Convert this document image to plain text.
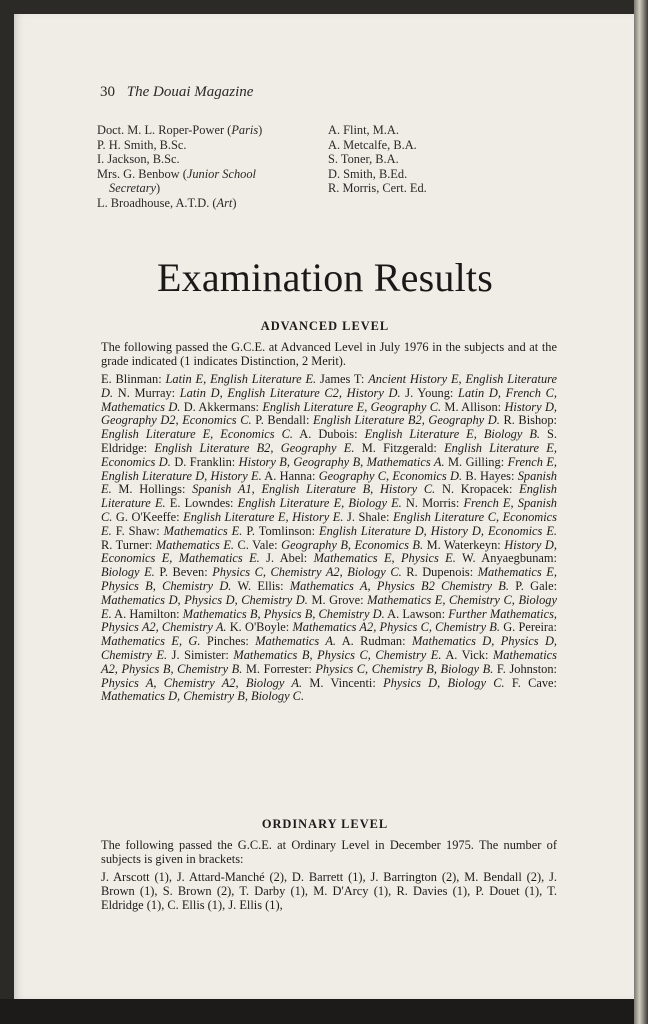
30 The Douai Magazine
Doct. M. L. Roper-Power (Paris)
P. H. Smith, B.Sc.
I. Jackson, B.Sc.
Mrs. G. Benbow (Junior School
Secretary)
L. Broadhouse, A.T.D. (Art)
A. Flint, M.A.
A. Metcalfe, B.A.
S. Toner, B.A.
D. Smith, B.Ed.
R. Morris, Cert. Ed.
Examination Results
ADVANCED LEVEL
The following passed the G.C.E. at Advanced Level in July 1976 in the subjects and at the grade indicated (1 indicates Distinction, 2 Merit).
E. Blinman: Latin E, English Literature E. James T: Ancient History E, English Literature D. N. Murray: Latin D, English Literature C2, History D. J. Young: Latin D, French C, Mathematics D. D. Akkermans: English Literature E, Geography C. M. Allison: History D, Geography D2, Economics C. P. Bendall: English Literature B2, Geography D. R. Bishop: English Literature E, Economics C. A. Dubois: English Literature E, Biology B. S. Eldridge: English Literature B2, Geography E. M. Fitzgerald: English Literature E, Economics D. D. Franklin: History B, Geography B, Mathematics A. M. Gilling: French E, English Literature D, History E. A. Hanna: Geography C, Economics D. B. Hayes: Spanish E. M. Hollings: Spanish A1, English Literature B, History C. N. Kropacek: English Literature E. E. Lowndes: English Literature E, Biology E. N. Morris: French E, Spanish C. G. O'Keeffe: English Literature E, History E. J. Shale: English Literature C, Economics E. F. Shaw: Mathematics E. P. Tomlinson: English Literature D, History D, Economics E. R. Turner: Mathematics E. C. Vale: Geography B, Economics B. M. Waterkeyn: History D, Economics E, Mathematics E. J. Abel: Mathematics E, Physics E. W. Anyaegbunam: Biology E. P. Beven: Physics C, Chemistry A2, Biology C. R. Dupenois: Mathematics E, Physics B, Chemistry D. W. Ellis: Mathematics A, Physics B2 Chemistry B. P. Gale: Mathematics D, Physics D, Chemistry D. M. Grove: Mathematics E, Chemistry C, Biology E. A. Hamilton: Mathematics B, Physics B, Chemistry D. A. Lawson: Further Mathematics, Physics A2, Chemistry A. K. O'Boyle: Mathematics A2, Physics C, Chemistry B. G. Pereira: Mathematics E, G. Pinches: Mathematics A. A. Rudman: Mathematics D, Physics D, Chemistry E. J. Simister: Mathematics B, Physics C, Chemistry E. A. Vick: Mathematics A2, Physics B, Chemistry B. M. Forrester: Physics C, Chemistry B, Biology B. F. Johnston: Physics A, Chemistry A2, Biology A. M. Vincenti: Physics D, Biology C. F. Cave: Mathematics D, Chemistry B, Biology C.
ORDINARY LEVEL
The following passed the G.C.E. at Ordinary Level in December 1975. The number of subjects is given in brackets:
J. Arscott (1), J. Attard-Manché (2), D. Barrett (1), J. Barrington (2), M. Bendall (2), J. Brown (1), S. Brown (2), T. Darby (1), M. D'Arcy (1), R. Davies (1), P. Douet (1), T. Eldridge (1), C. Ellis (1), J. Ellis (1),
